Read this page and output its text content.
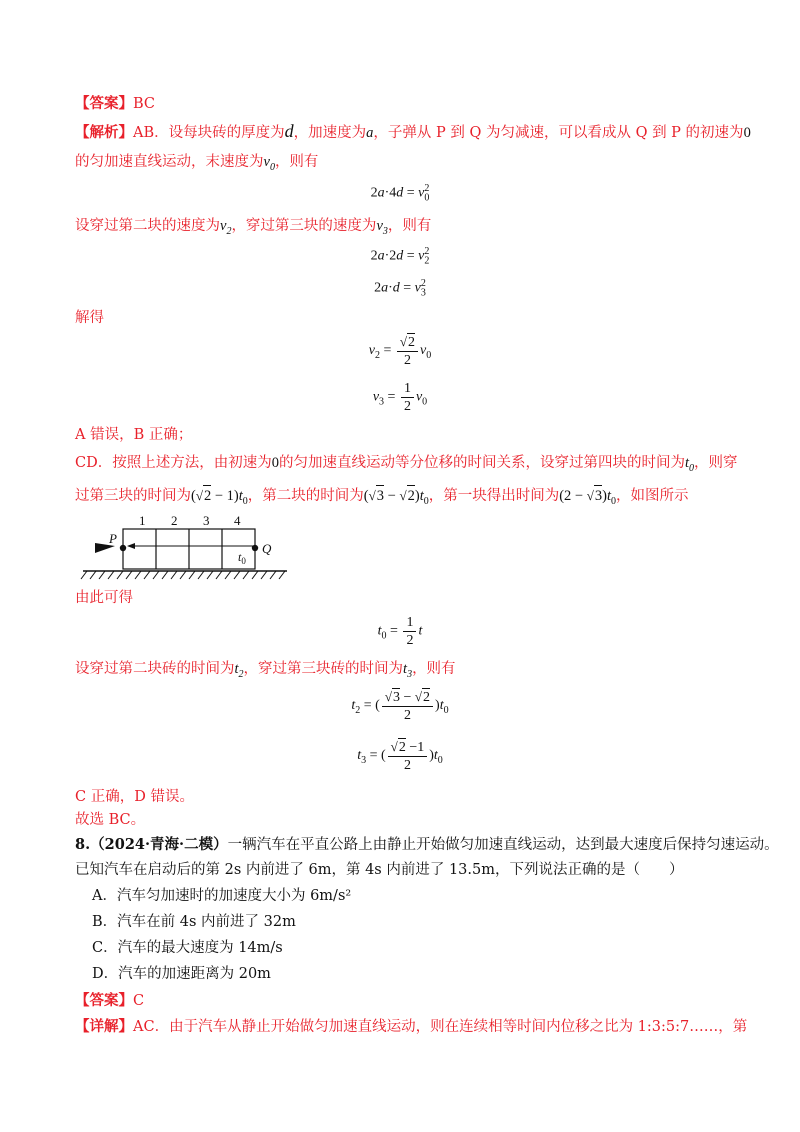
【答案】BC
【解析】AB．设每块砖的厚度为d，加速度为a，子弹从 P 到 Q 为匀减速，可以看成从 Q 到 P 的初速为0
的匀加速直线运动，末速度为$v_0$，则有
$2a\cdot 4d = v_0^2$
设穿过第二块的速度为$v_2$，穿过第三块的速度为$v_3$，则有
$2a\cdot 2d = v_2^2$
$2a\cdot d = v_3^2$
解得
$v_2 = \frac{√2}{2} v_0$
$v_3 = \frac{1}{2} v_0$
A 错误，B 正确；
CD．按照上述方法，由初速为0的匀加速直线运动等分位移的时间关系，设穿过第四块的时间为$t_0$，则穿
过第三块的时间为$(√2 - 1)t_0$，第二块的时间为$(√3 - √2)t_0$，第一块得出时间为$(2 - √3)t_0$，如图所示
1 2 3 4
P
Q
$t_0$
由此可得
$t_0 = \frac{1}{2}$ t
设穿过第二块砖的时间为$t_2$，穿过第三块砖的时间为$t_3$，则有
$t_2$ = ( $\frac{√3 - √2}{2} )t_0$
$t_3$ = ( $\frac{√2 -1}{2} )t_0$
C 正确，D 错误。
故选 BC。
8.（2024·青海·二模）一辆汽车在平直公路上由静止开始做匀加速直线运动，达到最大速度后保持匀速运动。
已知汽车在启动后的第 2s 内前进了 6m，第 4s 内前进了 13.5m，下列说法正确的是（　　）
A．汽车匀加速时的加速度大小为 6m/s²
B．汽车在前 4s 内前进了 32m
C．汽车的最大速度为 14m/s
D．汽车的加速距离为 20m
【答案】C
【详解】AC．由于汽车从静止开始做匀加速直线运动，则在连续相等时间内位移之比为 1:3:5:7……，第
